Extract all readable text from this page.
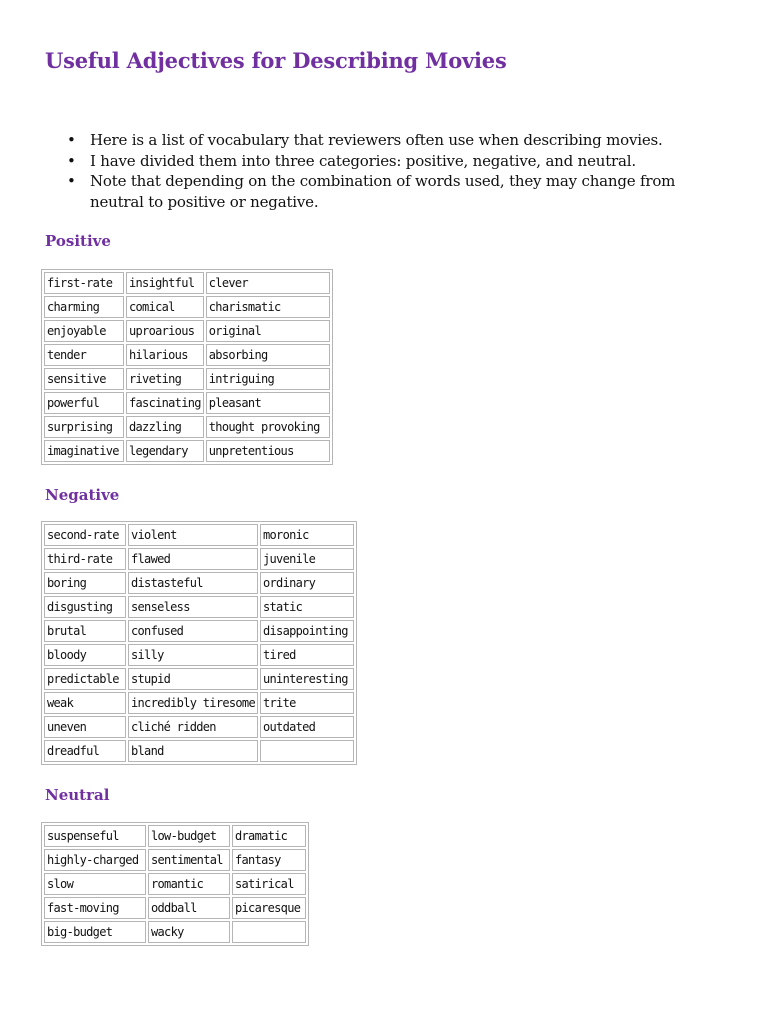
Useful Adjectives for Describing Movies
• Here is a list of vocabulary that reviewers often use when describing movies.
• I have divided them into three categories: positive, negative, and neutral.
• Note that depending on the combination of words used, they may change from neutral to positive or negative.
Positive
first-rate	insightful	clever
charming	comical	charismatic
enjoyable	uproarious	original
tender	hilarious	absorbing
sensitive	riveting	intriguing
powerful	fascinating	pleasant
surprising	dazzling	thought provoking
imaginative	legendary	unpretentious
Negative
second-rate	violent	moronic
third-rate	flawed	juvenile
boring	distasteful	ordinary
disgusting	senseless	static
brutal	confused	disappointing
bloody	silly	tired
predictable	stupid	uninteresting
weak	incredibly tiresome	trite
uneven	cliché ridden	outdated
dreadful	bland	
Neutral
suspenseful	low-budget	dramatic
highly-charged	sentimental	fantasy
slow	romantic	satirical
fast-moving	oddball	picaresque
big-budget	wacky	
